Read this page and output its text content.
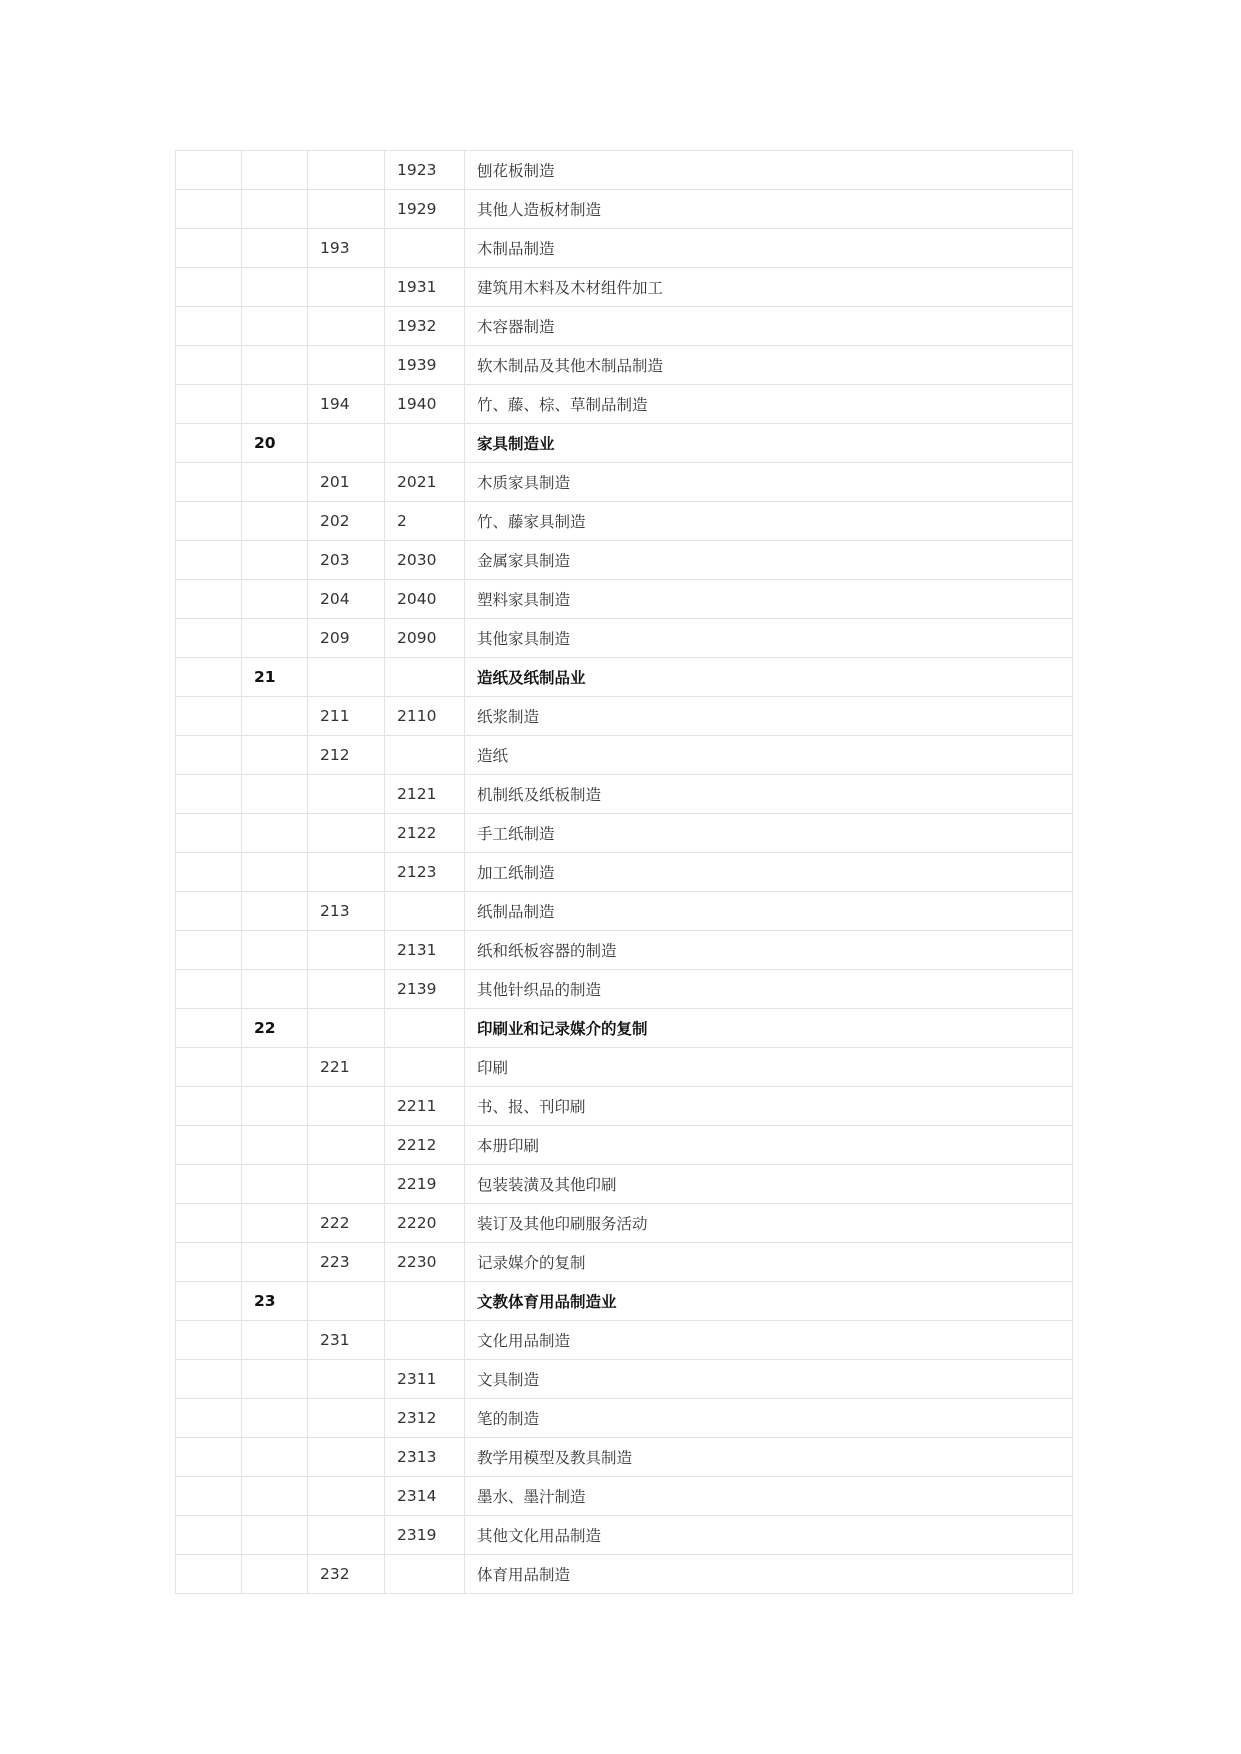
			1923	刨花板制造
			1929	其他人造板材制造
		193		木制品制造
			1931	建筑用木料及木材组件加工
			1932	木容器制造
			1939	软木制品及其他木制品制造
		194	1940	竹、藤、棕、草制品制造
	20			家具制造业
		201	2021	木质家具制造
		202	2	竹、藤家具制造
		203	2030	金属家具制造
		204	2040	塑料家具制造
		209	2090	其他家具制造
	21			造纸及纸制品业
		211	2110	纸浆制造
		212		造纸
			2121	机制纸及纸板制造
			2122	手工纸制造
			2123	加工纸制造
		213		纸制品制造
			2131	纸和纸板容器的制造
			2139	其他针织品的制造
	22			印刷业和记录媒介的复制
		221		印刷
			2211	书、报、刊印刷
			2212	本册印刷
			2219	包装装潢及其他印刷
		222	2220	装订及其他印刷服务活动
		223	2230	记录媒介的复制
	23			文教体育用品制造业
		231		文化用品制造
			2311	文具制造
			2312	笔的制造
			2313	教学用模型及教具制造
			2314	墨水、墨汁制造
			2319	其他文化用品制造
		232		体育用品制造
